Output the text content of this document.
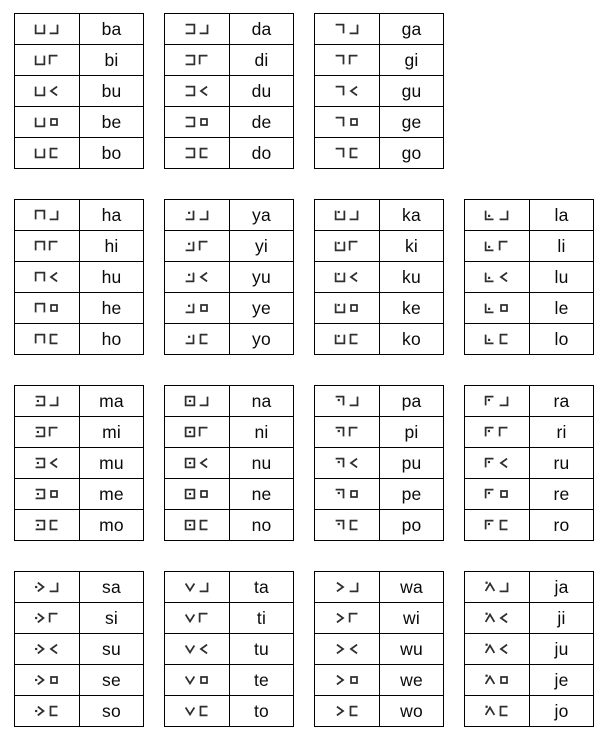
	ba

	bi

	bu

	be

	bo
	da

	di

	du

	de

	do
	ga

	gi

	gu

	ge

	go
	ha

	hi

	hu

	he

	ho
	ya

	yi

	yu

	ye

	yo
	ka

	ki

	ku

	ke

	ko
	la

	li

	lu

	le

	lo
	ma

	mi

	mu

	me

	mo
	na

	ni

	nu

	ne

	no
	pa

	pi

	pu

	pe

	po
	ra

	ri

	ru

	re

	ro
	sa

	si

	su

	se

	so
	ta

	ti

	tu

	te

	to
	wa

	wi

	wu

	we

	wo
	ja

	ji

	ju

	je

	jo
